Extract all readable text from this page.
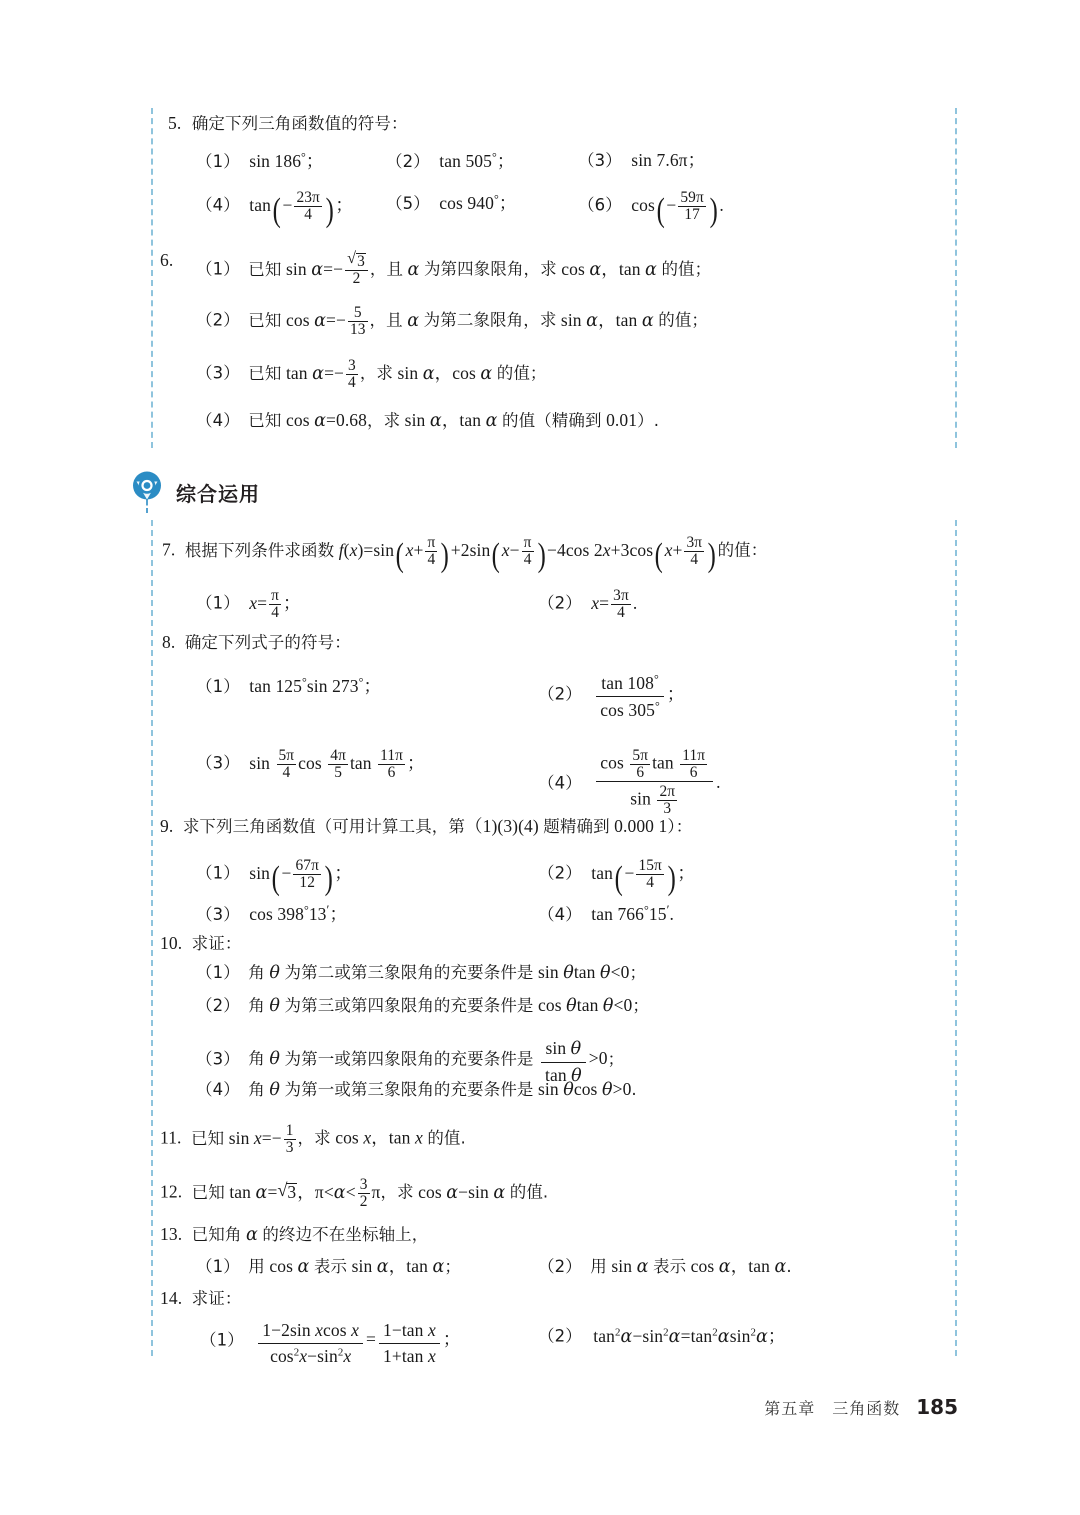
5. 确定下列三角函数值的符号：
（1） sin 186°；	（2） tan 505°；	（3） sin 7.6π；
（4） $\tan(- \frac{23\pi}{4}$ )； （5） cos 940°；	（6） $\cos(- \frac{59\pi}{17}$ ).
6. （1） 已知 sin α=− √ $\frac{3}{2}$ ，且 α 为第四象限角，求 cos α，tan α 的值；
（2） 已知 $\cos \alpha=- \frac{5}{13}$ ，且 α 为第二象限角，求 sin α，tan α 的值；
（3） 已知 $\tan \alpha=- \frac{3}{4}$ ，求 sin α，cos α 的值；
（4） 已知 cos α=0.68，求 sin α，tan α 的值（精确到 0.01）.
综合运用
7. 根据下列条件求函数 $f(x)=\sin(x+ \frac{\pi}{4} )+2\sin(x- \frac{\pi}{4} )-4\cos$ $2x+3\cos(x+ \frac{3\pi}{4}$ )的值：
（1） $x= \frac{\pi}{4}$ ；	（2） $x= \frac{3\pi}{4}$ .
8. 确定下列式子的符号：
（1） tan 125°sin 273°；	$(2) \frac{\tan 108^\circ}{\cos 305^\circ}$ ；
（3） $\sin \frac{5\pi}{4}$ $\cos \frac{4\pi}{5}$ $\tan \frac{11\pi}{6}$ ；
$(4) \frac{\cos \frac{5\pi}{6} \tan \frac{11\pi}{6}}{\sin \frac{2\pi}{3}}$ .
9. 求下列三角函数值（可用计算工具，第（1)(3)(4) 题精确到 0.000 1）：
（1） $\sin(- \frac{67\pi}{12}$ )；	（2） $\tan(- \frac{15\pi}{4}$ )；
（3） cos 398°13′；	（4） tan 766°15′.
10. 求证：
（1） 角 θ 为第二或第三象限角的充要条件是 sin θtan θ<0；
（2） 角 θ 为第三或第四象限角的充要条件是 cos θtan θ<0；
（3） 角 θ 为第一或第四象限角的充要条件是 $\frac{\text{sin θ}}{\text{tan θ}} >0$；
（4） 角 θ 为第一或第三象限角的充要条件是 sin θcos θ>0.
11. 已知 $\sin x=- \frac{1}{3}$ ，求 cos x，tan x 的值.
12. 已知 tan α= √ 3，$\pi<\alpha< \frac{3}{2}$ π，求 cos α−sin α 的值.
13. 已知角 α 的终边不在坐标轴上，
（1） 用 cos α 表示 sin α，tan α；	（2） 用 sin α 表示 cos α，tan α.
14. 求证：
$(1) \frac{\text{1−2sin xcos x}}{\cos^2x-\sin^2x} = \frac{\text{1−tan x}}{\text{1+tan x}}$ ；	（2） $\tan^2\alpha-\sin^2\alpha=\tan^2\alpha\sin^2\alpha$；
第五章　三角函数 185
